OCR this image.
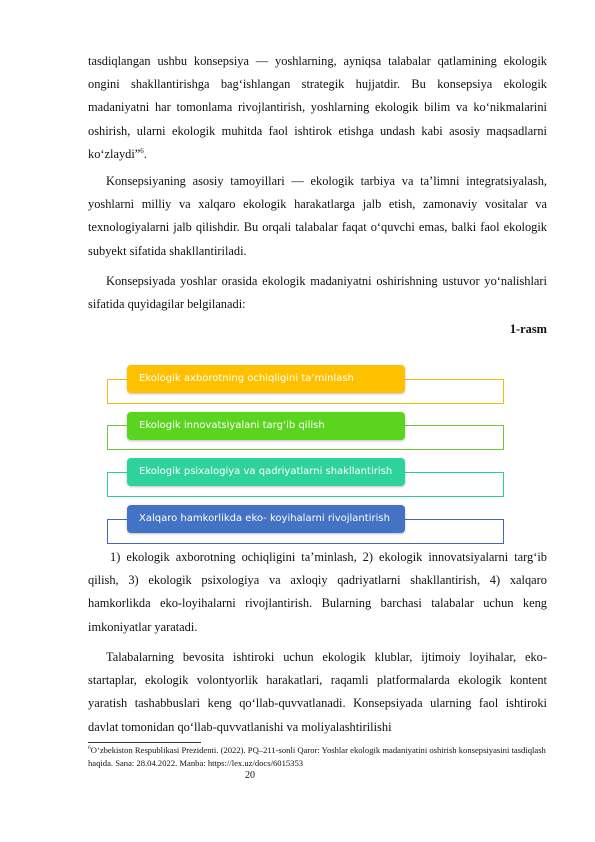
tasdiqlangan ushbu konsepsiya — yoshlarning, ayniqsa talabalar qatlamining ekologik ongini shakllantirishga bag‘ishlangan strategik hujjatdir. Bu konsepsiya ekologik madaniyatni har tomonlama rivojlantirish, yoshlarning ekologik bilim va ko‘nikmalarini oshirish, ularni ekologik muhitda faol ishtirok etishga undash kabi asosiy maqsadlarni ko‘zlaydi”$^6$.

Konsepsiyaning asosiy tamoyillari — ekologik tarbiya va ta’limni integratsiyalash, yoshlarni milliy va xalqaro ekologik harakatlarga jalb etish, zamonaviy vositalar va texnologiyalarni jalb qilishdir. Bu orqali talabalar faqat o‘quvchi emas, balki faol ekologik subyekt sifatida shakllantiriladi.

Konsepsiyada yoshlar orasida ekologik madaniyatni oshirishning ustuvor yo‘nalishlari sifatida quyidagilar belgilanadi:

1-rasm
Ekologik axborotning ochiqligini ta’minlash
Ekologik innovatsiyalani targ‘ib qilish
Ekologik psixalogiya va qadriyatlarni shakllantirish
Xalqaro hamkorlikda eko- koyihalarni rivojlantirish

1) ekologik axborotning ochiqligini ta’minlash, 2) ekologik innovatsiyalarni targ‘ib qilish, 3) ekologik psixologiya va axloqiy qadriyatlarni shakllantirish, 4) xalqaro hamkorlikda eko-loyihalarni rivojlantirish. Bularning barchasi talabalar uchun keng imkoniyatlar yaratadi.

Talabalarning bevosita ishtiroki uchun ekologik klublar, ijtimoiy loyihalar, eko-startaplar, ekologik volontyorlik harakatlari, raqamli platformalarda ekologik kontent yaratish tashabbuslari keng qo‘llab-quvvatlanadi. Konsepsiyada ularning faol ishtiroki davlat tomonidan qo‘llab-quvvatlanishi va moliyalashtirilishi

$^6$O‘zbekiston Respublikasi Prezidenti. (2022). PQ–211-sonli Qaror: Yoshlar ekologik madaniyatini oshirish konsepsiyasini tasdiqlash haqida. Sana: 28.04.2022. Manba: https://lex.uz/docs/6015353

20
